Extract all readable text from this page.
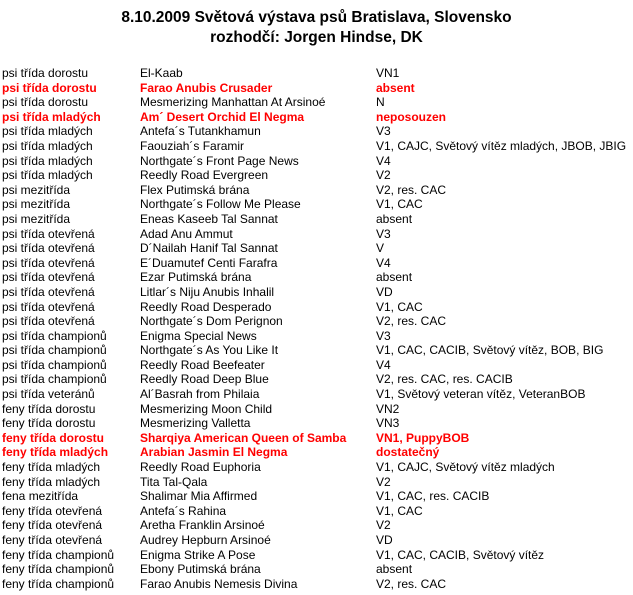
8.10.2009 Světová výstava psů Bratislava, Slovensko
rozhodčí: Jorgen Hindse, DK
psi třída dorostu	El-Kaab	VN1
psi třída dorostu	Farao Anubis Crusader	absent
psi třída dorostu	Mesmerizing Manhattan At Arsinoé	N
psi třída mladých	Am´ Desert Orchid El Negma	neposouzen
psi třída mladých	Antefa´s Tutankhamun	V3
psi třída mladých	Faouziah´s Faramir	V1, CAJC, Světový vítěz mladých, JBOB, JBIG
psi třída mladých	Northgate´s Front Page News	V4
psi třída mladých	Reedly Road Evergreen	V2
psi mezitřída	Flex Putimská brána	V2, res. CAC
psi mezitřída	Northgate´s Follow Me Please	V1, CAC
psi mezitřída	Eneas Kaseeb Tal Sannat	absent
psi třída otevřená	Adad Anu Ammut	V3
psi třída otevřená	D´Nailah Hanif Tal Sannat	V
psi třída otevřená	E´Duamutef Centi Farafra	V4
psi třída otevřená	Ezar Putimská brána	absent
psi třída otevřená	Litlar´s Niju Anubis Inhalil	VD
psi třída otevřená	Reedly Road Desperado	V1, CAC
psi třída otevřená	Northgate´s Dom Perignon	V2, res. CAC
psi třída championů	Enigma Special News	V3
psi třída championů	Northgate´s As You Like It	V1, CAC, CACIB, Světový vítěz, BOB, BIG
psi třída championů	Reedly Road Beefeater	V4
psi třída championů	Reedly Road Deep Blue	V2, res. CAC, res. CACIB
psi třída veteránů	Al´Basrah from Philaia	V1, Světový veteran vítěz, VeteranBOB
feny třída dorostu	Mesmerizing Moon Child	VN2
feny třída dorostu	Mesmerizing Valletta	VN3
feny třída dorostu	Sharqiya American Queen of Samba	VN1, PuppyBOB
feny třída mladých	Arabian Jasmin El Negma	dostatečný
feny třída mladých	Reedly Road Euphoria	V1, CAJC, Světový vítěz mladých
feny třída mladých	Tita Tal-Qala	V2
fena mezitřída	Shalimar Mia Affirmed	V1, CAC, res. CACIB
feny třída otevřená	Antefa´s Rahina	V1, CAC
feny třída otevřená	Aretha Franklin Arsinoé	V2
feny třída otevřená	Audrey Hepburn Arsinoé	VD
feny třída championů	Enigma Strike A Pose	V1, CAC, CACIB, Světový vítěz
feny třída championů	Ebony Putimská brána	absent
feny třída championů	Farao Anubis Nemesis Divina	V2, res. CAC
